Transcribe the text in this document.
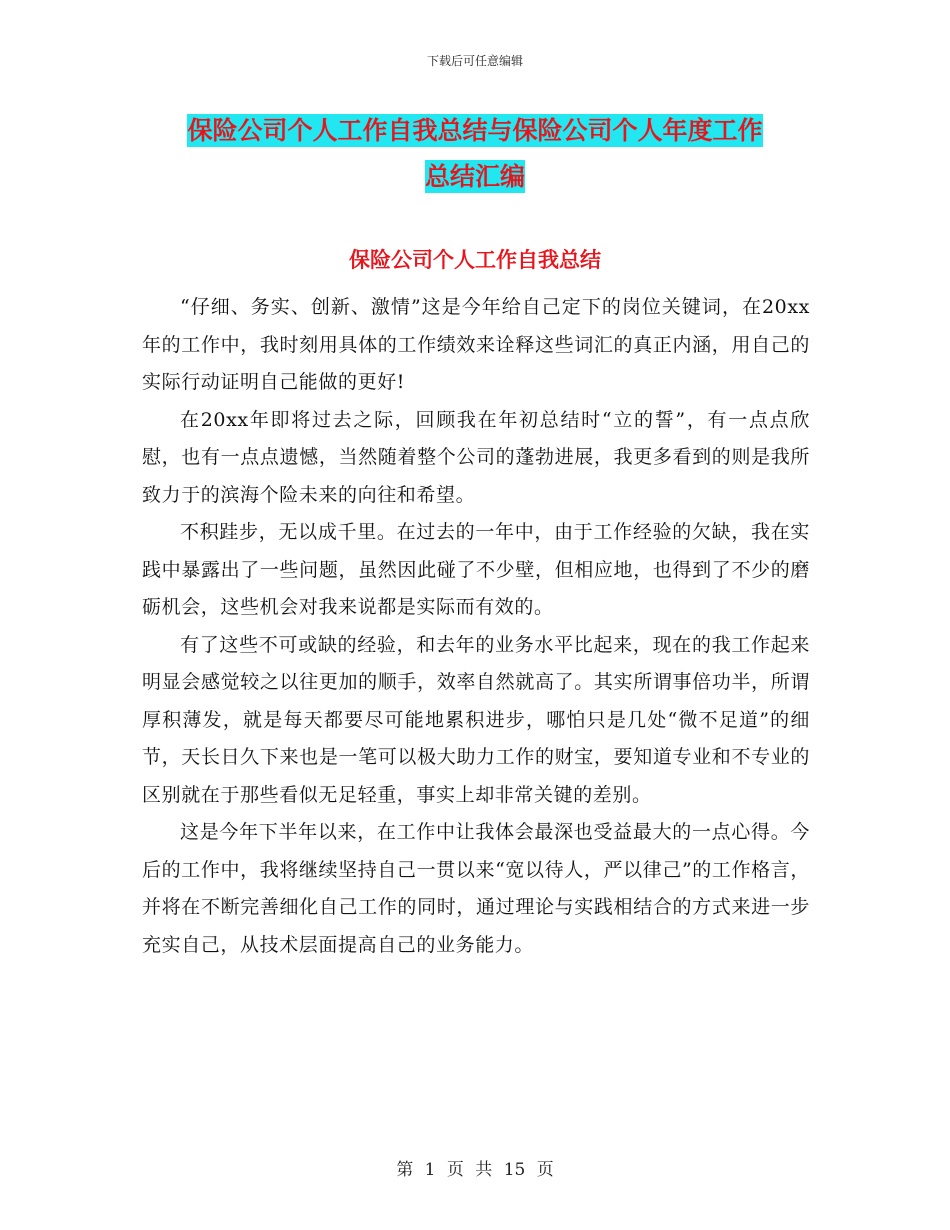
下载后可任意编辑
保险公司个人工作自我总结与保险公司个人年度工作
总结汇编
保险公司个人工作自我总结

“仔细、务实、创新、激情”这是今年给自己定下的岗位关键词，在20xx年的工作中，我时刻用具体的工作绩效来诠释这些词汇的真正内涵，用自己的实际行动证明自己能做的更好!

在20xx年即将过去之际，回顾我在年初总结时“立的誓”，有一点点欣慰，也有一点点遗憾，当然随着整个公司的蓬勃进展，我更多看到的则是我所致力于的滨海个险未来的向往和希望。

不积跬步，无以成千里。在过去的一年中，由于工作经验的欠缺，我在实践中暴露出了一些问题，虽然因此碰了不少壁，但相应地，也得到了不少的磨砺机会，这些机会对我来说都是实际而有效的。

有了这些不可或缺的经验，和去年的业务水平比起来，现在的我工作起来明显会感觉较之以往更加的顺手，效率自然就高了。其实所谓事倍功半，所谓厚积薄发，就是每天都要尽可能地累积进步，哪怕只是几处“微不足道”的细节，天长日久下来也是一笔可以极大助力工作的财宝，要知道专业和不专业的区别就在于那些看似无足轻重，事实上却非常关键的差别。

这是今年下半年以来，在工作中让我体会最深也受益最大的一点心得。今后的工作中，我将继续坚持自己一贯以来“宽以待人，严以律己”的工作格言，并将在不断完善细化自己工作的同时，通过理论与实践相结合的方式来进一步充实自己，从技术层面提高自己的业务能力。

第 1 页 共 15 页
